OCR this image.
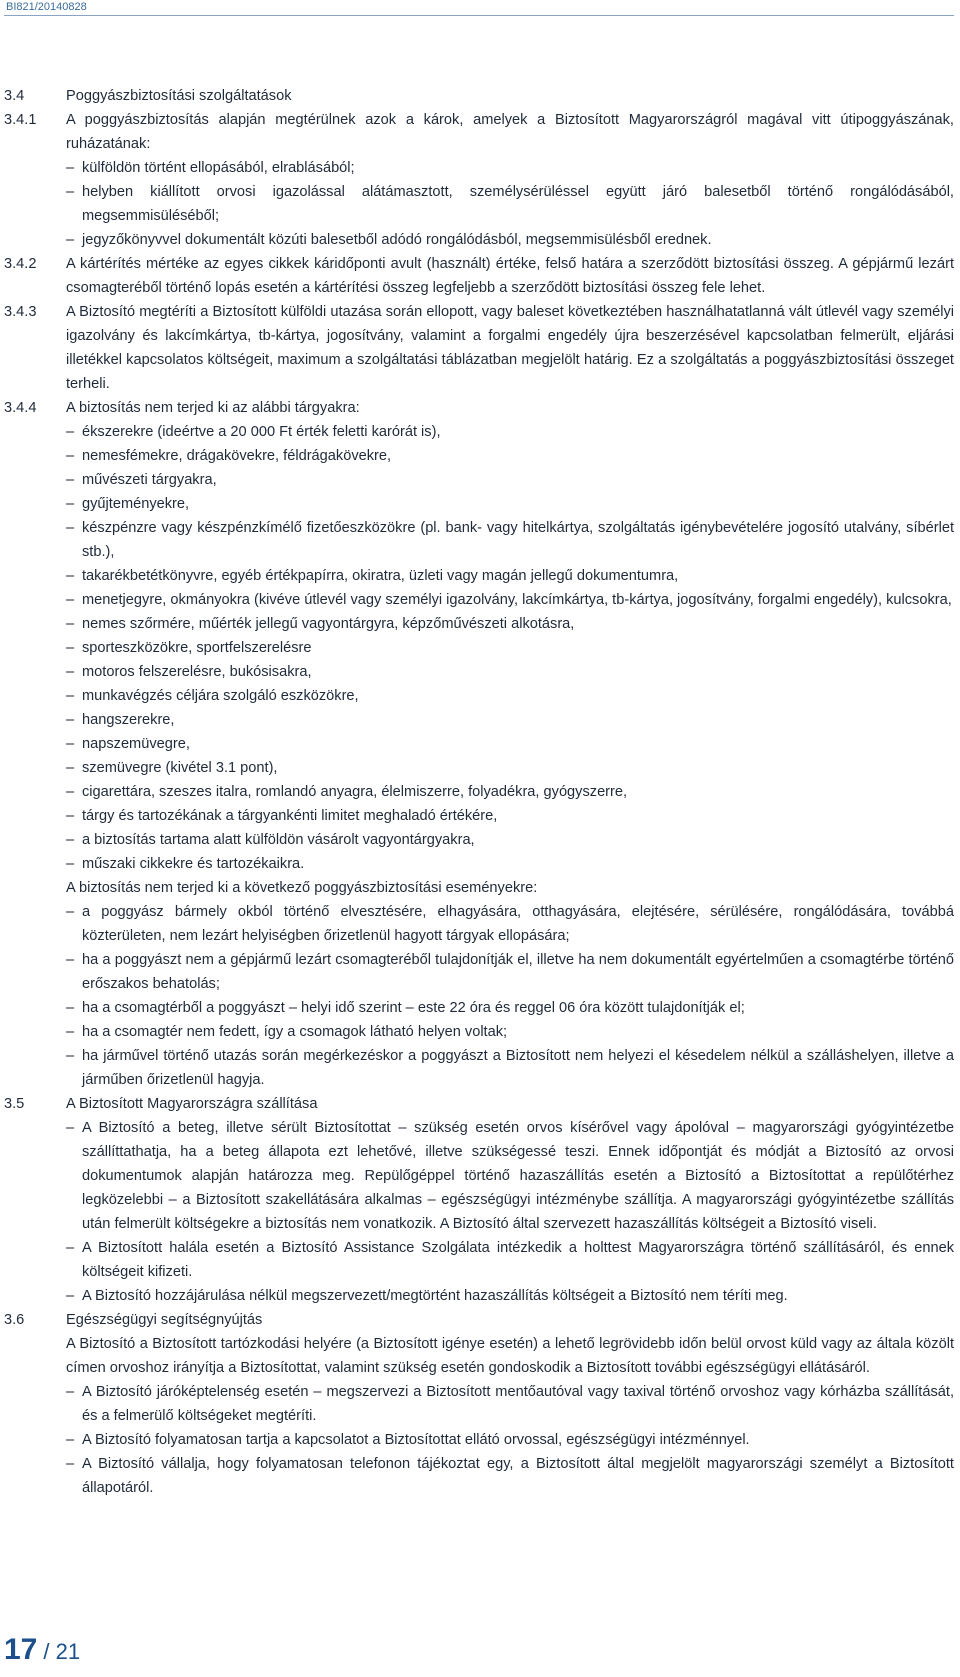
BI821/20140828
3.4	Poggyászbiztosítási szolgáltatások
3.4.1	A poggyászbiztosítás alapján megtérülnek azok a károk, amelyek a Biztosított Magyarországról magával vitt útipoggyászának, ruházatának:
– külföldön történt ellopásából, elrablásából;
– helyben kiállított orvosi igazolással alátámasztott, személysérüléssel együtt járó balesetből történő rongálódásából, megsemmisüléséből;
– jegyzőkönyvvel dokumentált közúti balesetből adódó rongálódásból, megsemmisülésből erednek.
3.4.2	A kártérítés mértéke az egyes cikkek káridőponti avult (használt) értéke, felső határa a szerződött biztosítási összeg. A gépjármű lezárt csomagteréből történő lopás esetén a kártérítési összeg legfeljebb a szerződött biztosítási összeg fele lehet.
3.4.3	A Biztosító megtéríti a Biztosított külföldi utazása során ellopott, vagy baleset következtében használhatatlanná vált útlevél vagy személyi igazolvány és lakcímkártya, tb-kártya, jogosítvány, valamint a forgalmi engedély újra beszerzésével kapcsolatban felmerült, eljárási illetékkel kapcsolatos költségeit, maximum a szolgáltatási táblázatban megjelölt határig. Ez a szolgáltatás a poggyászbiztosítási összeget terheli.
3.4.4	A biztosítás nem terjed ki az alábbi tárgyakra:
– ékszerekre (ideértve a 20 000 Ft érték feletti karórát is),
– nemesfémekre, drágakövekre, féldrágakövekre,
– művészeti tárgyakra,
– gyűjteményekre,
– készpénzre vagy készpénzkímélő fizetőeszközökre (pl. bank- vagy hitelkártya, szolgáltatás igénybevételére jogosító utalvány, síbérlet stb.),
– takarékbetétkönyvre, egyéb értékpapírra, okiratra, üzleti vagy magán jellegű dokumentumra,
– menetjegyre, okmányokra (kivéve útlevél vagy személyi igazolvány, lakcímkártya, tb-kártya, jogosítvány, forgalmi engedély), kulcsokra,
– nemes szőrmére, műérték jellegű vagyontárgyra, képzőművészeti alkotásra,
– sporteszközökre, sportfelszerelésre
– motoros felszerelésre, bukósisakra,
– munkavégzés céljára szolgáló eszközökre,
– hangszerekre,
– napszemüvegre,
– szemüvegre (kivétel 3.1 pont),
– cigarettára, szeszes italra, romlandó anyagra, élelmiszerre, folyadékra, gyógyszerre,
– tárgy és tartozékának a tárgyankénti limitet meghaladó értékére,
– a biztosítás tartama alatt külföldön vásárolt vagyontárgyakra,
– műszaki cikkekre és tartozékaikra.
A biztosítás nem terjed ki a következő poggyászbiztosítási eseményekre:
– a poggyász bármely okból történő elvesztésére, elhagyására, otthagyására, elejtésére, sérülésére, rongálódására, továbbá közterületen, nem lezárt helyiségben őrizetlenül hagyott tárgyak ellopására;
– ha a poggyászt nem a gépjármű lezárt csomagteréből tulajdonítják el, illetve ha nem dokumentált egyértelműen a csomagtérbe történő erőszakos behatolás;
– ha a csomagtérből a poggyászt – helyi idő szerint – este 22 óra és reggel 06 óra között tulajdonítják el;
– ha a csomagtér nem fedett, így a csomagok látható helyen voltak;
– ha járművel történő utazás során megérkezéskor a poggyászt a Biztosított nem helyezi el késedelem nélkül a szálláshelyen, illetve a járműben őrizetlenül hagyja.
3.5	A Biztosított Magyarországra szállítása
– A Biztosító a beteg, illetve sérült Biztosítottat – szükség esetén orvos kísérővel vagy ápolóval – magyarországi gyógyintézetbe szállíttathatja, ha a beteg állapota ezt lehetővé, illetve szükségessé teszi. Ennek időpontját és módját a Biztosító az orvosi dokumentumok alapján határozza meg. Repülőgéppel történő hazaszállítás esetén a Biztosító a Biztosítottat a repülőtérhez legközelebbi – a Biztosított szakellátására alkalmas – egészségügyi intézménybe szállítja. A magyarországi gyógyintézetbe szállítás után felmerült költségekre a biztosítás nem vonatkozik. A Biztosító által szervezett hazaszállítás költségeit a Biztosító viseli.
– A Biztosított halála esetén a Biztosító Assistance Szolgálata intézkedik a holttest Magyarországra történő szállításáról, és ennek költségeit kifizeti.
– A Biztosító hozzájárulása nélkül megszervezett/megtörtént hazaszállítás költségeit a Biztosító nem téríti meg.
3.6	Egészségügyi segítségnyújtás
A Biztosító a Biztosított tartózkodási helyére (a Biztosított igénye esetén) a lehető legrövidebb időn belül orvost küld vagy az általa közölt címen orvoshoz irányítja a Biztosítottat, valamint szükség esetén gondoskodik a Biztosított további egészségügyi ellátásáról.
– A Biztosító járóképtelenség esetén – megszervezi a Biztosított mentőautóval vagy taxival történő orvoshoz vagy kórházba szállítását, és a felmerülő költségeket megtéríti.
– A Biztosító folyamatosan tartja a kapcsolatot a Biztosítottat ellátó orvossal, egészségügyi intézménnyel.
– A Biztosító vállalja, hogy folyamatosan telefonon tájékoztat egy, a Biztosított által megjelölt magyarországi személyt a Biztosított állapotáról.
17 / 21
